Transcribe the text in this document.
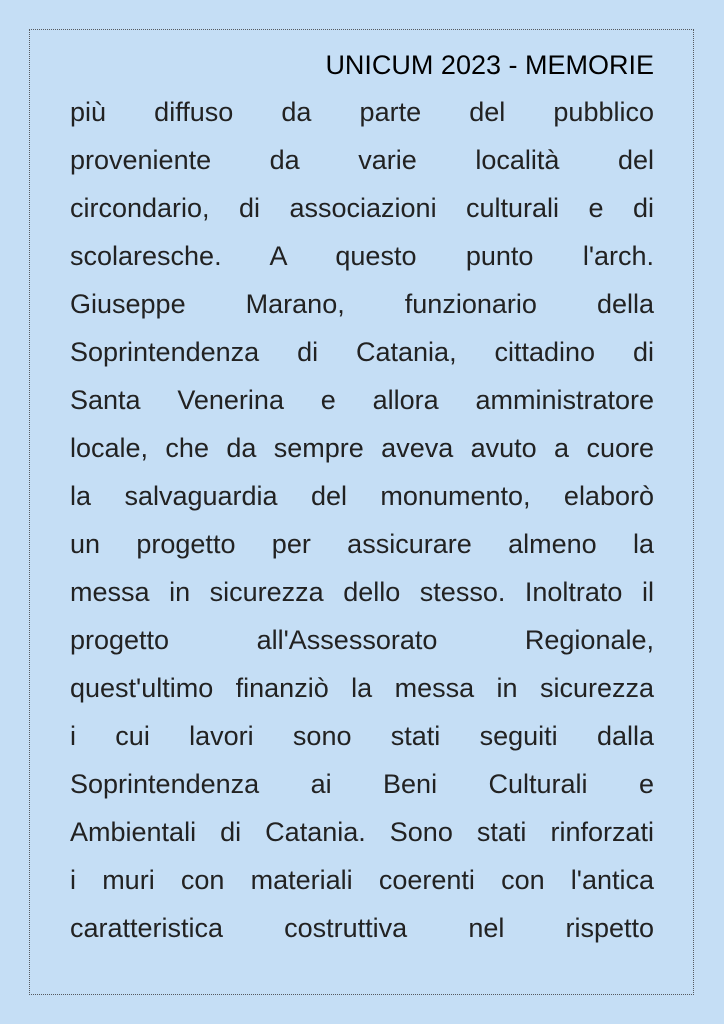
UNICUM 2023 - MEMORIE
più diffuso da parte del pubblico
proveniente da varie località del
circondario, di associazioni culturali e di
scolaresche. A questo punto l'arch.
Giuseppe Marano, funzionario della
Soprintendenza di Catania, cittadino di
Santa Venerina e allora amministratore
locale, che da sempre aveva avuto a cuore
la salvaguardia del monumento, elaborò
un progetto per assicurare almeno la
messa in sicurezza dello stesso. Inoltrato il
progetto all'Assessorato Regionale,
quest'ultimo finanziò la messa in sicurezza
i cui lavori sono stati seguiti dalla
Soprintendenza ai Beni Culturali e
Ambientali di Catania. Sono stati rinforzati
i muri con materiali coerenti con l'antica
caratteristica costruttiva nel rispetto
